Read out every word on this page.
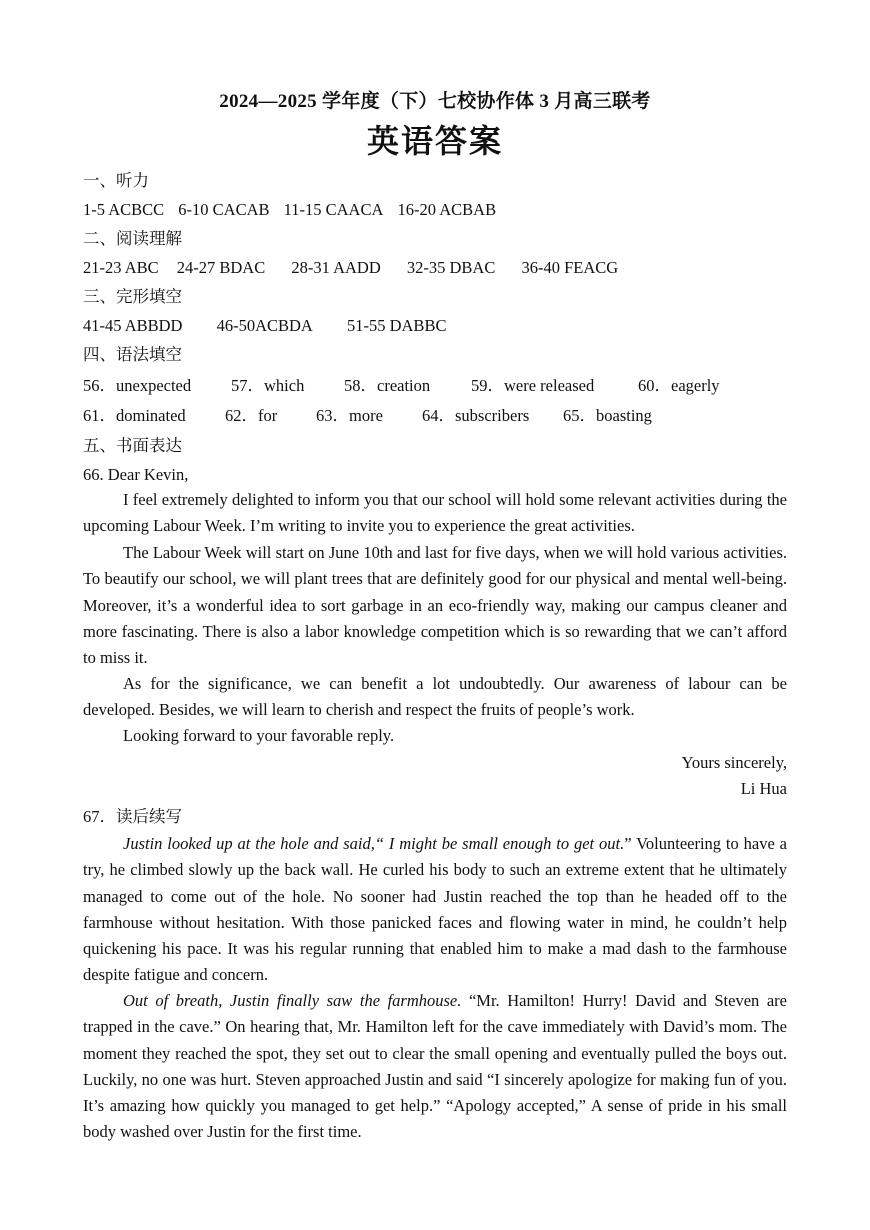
2024—2025 学年度（下）七校协作体 3 月高三联考
英语答案
一、听力
1-5 ACBCC 6-10 CACAB 11-15 CAACA 16-20 ACBAB
二、阅读理解
21-23 ABC 24-27 BDAC 28-31 AADD 32-35 DBAC 36-40 FEACG
三、完形填空
41-45 ABBDD 46-50ACBDA 51-55 DABBC
四、语法填空
56．unexpected 57．which 58．creation 59．were released	60．eagerly
61．dominated 62．for 63．more 64．subscribers 65．boasting
五、书面表达
66. Dear Kevin,

I feel extremely delighted to inform you that our school will hold some relevant activities during the upcoming Labour Week. I’m writing to invite you to experience the great activities.

The Labour Week will start on June 10th and last for five days, when we will hold various activities. To beautify our school, we will plant trees that are definitely good for our physical and mental well-being. Moreover, it’s a wonderful idea to sort garbage in an eco-friendly way, making our campus cleaner and more fascinating. There is also a labor knowledge competition which is so rewarding that we can’t afford to miss it.

As for the significance, we can benefit a lot undoubtedly. Our awareness of labour can be developed. Besides, we will learn to cherish and respect the fruits of people’s work.

Looking forward to your favorable reply.

Yours sincerely,
Li Hua
67．读后续写

Justin looked up at the hole and said,“ I might be small enough to get out.” Volunteering to have a try, he climbed slowly up the back wall. He curled his body to such an extreme extent that he ultimately managed to come out of the hole. No sooner had Justin reached the top than he headed off to the farmhouse without hesitation. With those panicked faces and flowing water in mind, he couldn’t help quickening his pace. It was his regular running that enabled him to make a mad dash to the farmhouse despite fatigue and concern.

Out of breath, Justin finally saw the farmhouse. “Mr. Hamilton! Hurry! David and Steven are trapped in the cave.” On hearing that, Mr. Hamilton left for the cave immediately with David’s mom. The moment they reached the spot, they set out to clear the small opening and eventually pulled the boys out. Luckily, no one was hurt. Steven approached Justin and said “I sincerely apologize for making fun of you. It’s amazing how quickly you managed to get help.” “Apology accepted,” A sense of pride in his small body washed over Justin for the first time.
